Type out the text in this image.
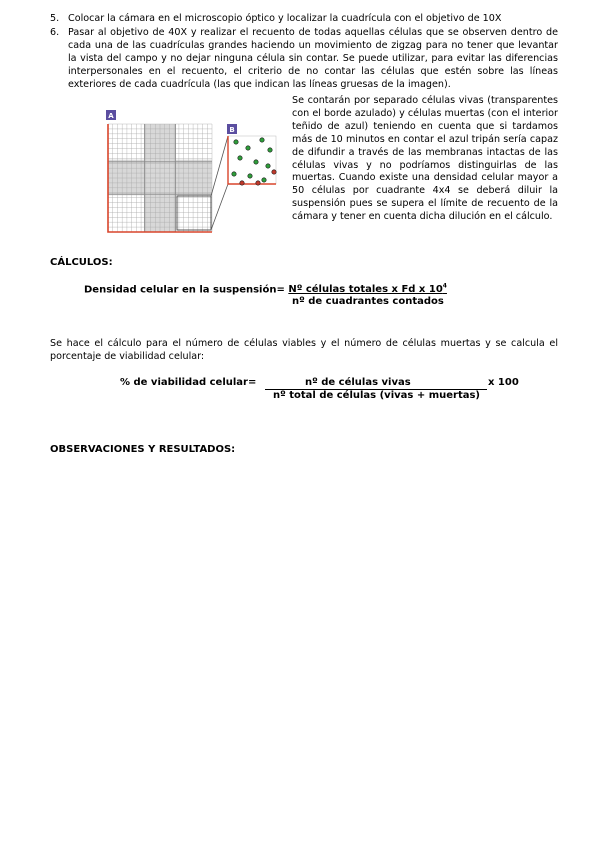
5. Colocar la cámara en el microscopio óptico y localizar la cuadrícula con el objetivo de 10X
6. Pasar al objetivo de 40X y realizar el recuento de todas aquellas células que se observen dentro de cada una de las cuadrículas grandes haciendo un movimiento de zigzag para no tener que levantar la vista del campo y no dejar ninguna célula sin contar. Se puede utilizar, para evitar las diferencias interpersonales en el recuento, el criterio de no contar las células que estén sobre las líneas exteriores de cada cuadrícula (las que indican las líneas gruesas de la imagen).
A
B

Se contarán por separado células vivas (transparentes con el borde azulado) y células muertas (con el interior teñido de azul) teniendo en cuenta que si tardamos más de 10 minutos en contar el azul tripán sería capaz de difundir a través de las membranas intactas de las células vivas y no podríamos distinguirlas de las muertas. Cuando existe una densidad celular mayor a 50 células por cuadrante 4x4 se deberá diluir la suspensión pues se supera el límite de recuento de la cámara y tener en cuenta dicha dilución en el cálculo.

CÁLCULOS:

Densidad celular en la suspensión= Nº células totales x Fd x $10^4$
nº de cuadrantes contados

Se hace el cálculo para el número de células viables y el número de células muertas y se calcula el porcentaje de viabilidad celular:

% de viabilidad celular=	nº de células vivas	x 100
nº total de células (vivas + muertas)

OBSERVACIONES Y RESULTADOS:
